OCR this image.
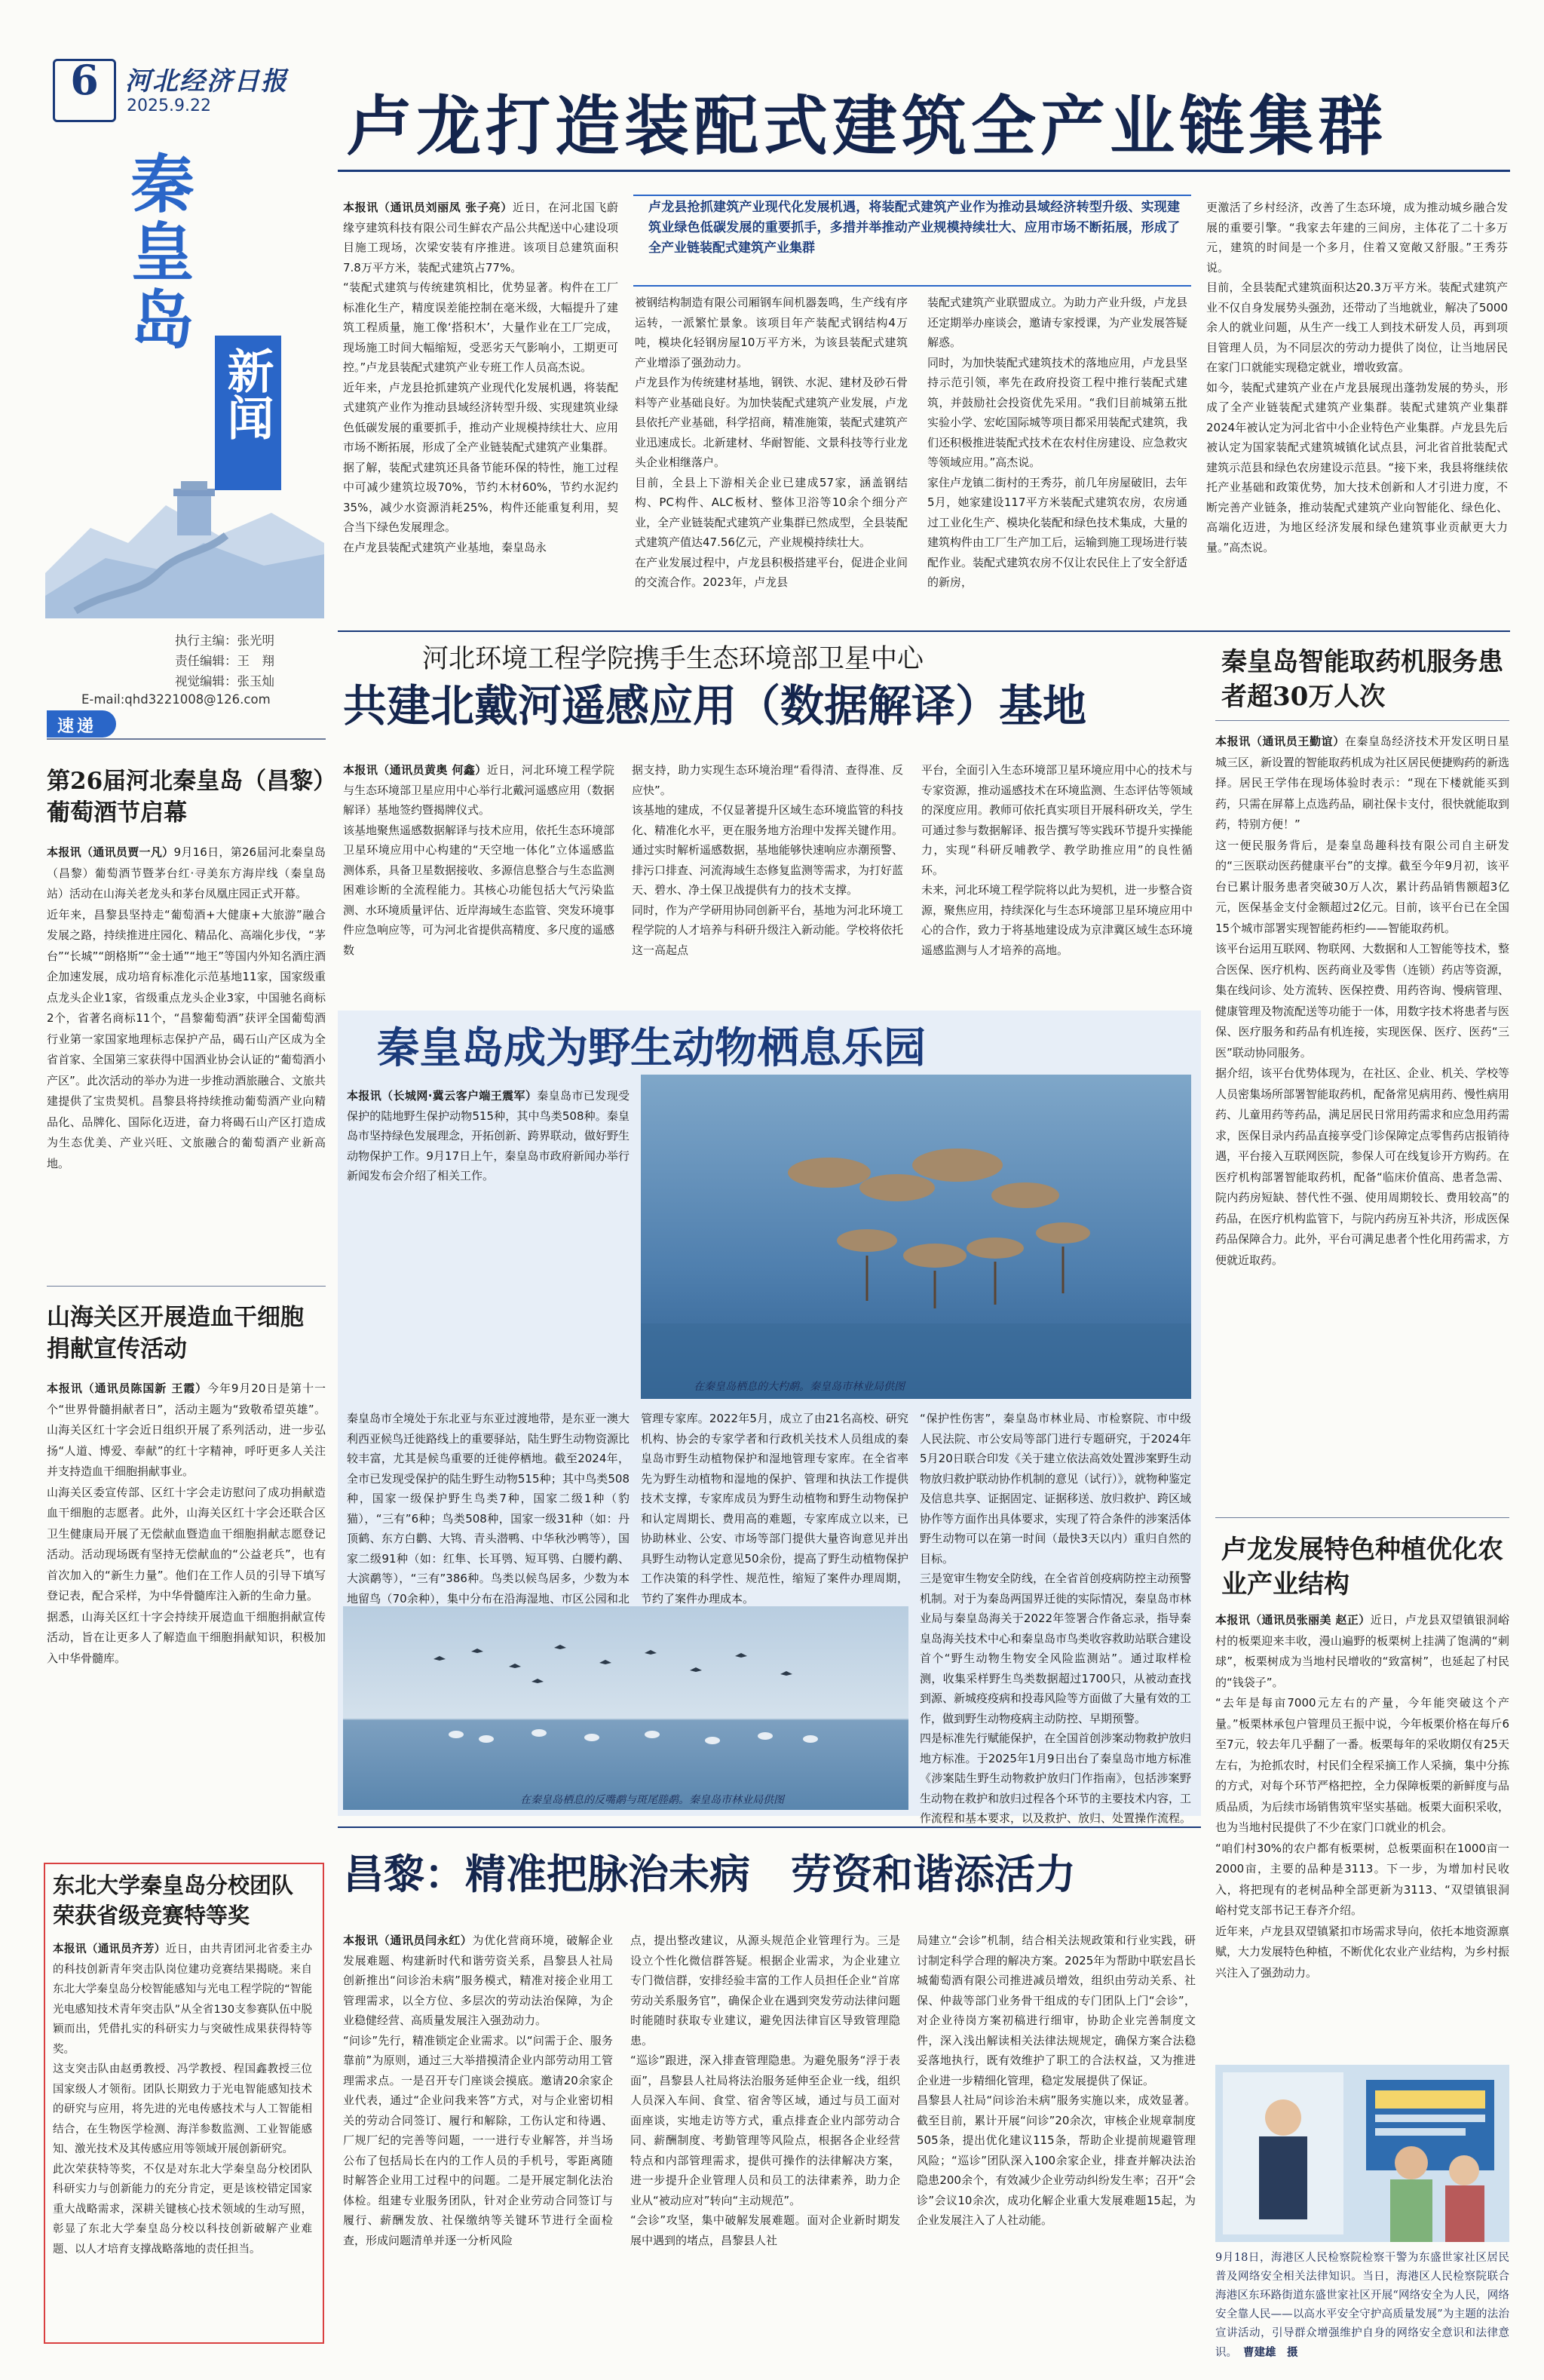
6	河北经济日报
2025.9.22
秦皇岛
新闻
执行主编：张光明
责任编辑：王　翔
视觉编辑：张玉灿
E-mail:qhd3221008@126.com
速递
第26届河北秦皇岛（昌黎）葡萄酒节启幕
本报讯（通讯员贾一凡）9月16日，第26届河北秦皇岛（昌黎）葡萄酒节暨茅台红·寻美东方海岸线（秦皇岛站）活动在山海关老龙头和茅台凤凰庄园正式开幕。
近年来，昌黎县坚持走“葡萄酒+大健康+大旅游”融合发展之路，持续推进庄园化、精品化、高端化步伐，“茅台”“长城”“朗格斯”“金士通”“地王”等国内外知名酒庄酒企加速发展，成功培育标准化示范基地11家，国家级重点龙头企业1家，省级重点龙头企业3家，中国驰名商标2个，省著名商标11个，“昌黎葡萄酒”获评全国葡萄酒行业第一家国家地理标志保护产品，碣石山产区成为全省首家、全国第三家获得中国酒业协会认证的“葡萄酒小产区”。此次活动的举办为进一步推动酒旅融合、文旅共建提供了宝贵契机。昌黎县将持续推动葡萄酒产业向精品化、品牌化、国际化迈进，奋力将碣石山产区打造成为生态优美、产业兴旺、文旅融合的葡萄酒产业新高地。
山海关区开展造血干细胞捐献宣传活动
本报讯（通讯员陈国新 王霞）今年9月20日是第十一个“世界骨髓捐献者日”，活动主题为“致敬希望英雄”。山海关区红十字会近日组织开展了系列活动，进一步弘扬“人道、博爱、奉献”的红十字精神，呼吁更多人关注并支持造血干细胞捐献事业。
山海关区委宣传部、区红十字会走访慰问了成功捐献造血干细胞的志愿者。此外，山海关区红十字会还联合区卫生健康局开展了无偿献血暨造血干细胞捐献志愿登记活动。活动现场既有坚持无偿献血的“公益老兵”，也有首次加入的“新生力量”。他们在工作人员的引导下填写登记表，配合采样，为中华骨髓库注入新的生命力量。
据悉，山海关区红十字会持续开展造血干细胞捐献宣传活动，旨在让更多人了解造血干细胞捐献知识，积极加入中华骨髓库。
东北大学秦皇岛分校团队荣获省级竞赛特等奖
本报讯（通讯员齐芳）近日，由共青团河北省委主办的科技创新青年突击队岗位建功竞赛结果揭晓。来自东北大学秦皇岛分校智能感知与光电工程学院的“智能光电感知技术青年突击队”从全省130支参赛队伍中脱颖而出，凭借扎实的科研实力与突破性成果获得特等奖。
这支突击队由赵勇教授、冯学教授、程国鑫教授三位国家级人才领衔。团队长期致力于光电智能感知技术的研究与应用，将先进的光电传感技术与人工智能相结合，在生物医学检测、海洋参数监测、工业智能感知、激光技术及其传感应用等领域开展创新研究。
此次荣获特等奖，不仅是对东北大学秦皇岛分校团队科研实力与创新能力的充分肯定，更是该校错定国家重大战略需求，深耕关键核心技术领域的生动写照，彰显了东北大学秦皇岛分校以科技创新破解产业难题、以人才培育支撑战略落地的责任担当。
卢龙打造装配式建筑全产业链集群
本报讯（通讯员刘丽凤 张子亮）近日，在河北国飞蔚缘亨建筑科技有限公司生鲜农产品公共配送中心建设项目施工现场，次梁安装有序推进。该项目总建筑面积7.8万平方米，装配式建筑占77%。
“装配式建筑与传统建筑相比，优势显著。构件在工厂标准化生产，精度误差能控制在毫米级，大幅提升了建筑工程质量，施工像‘搭积木’，大量作业在工厂完成，现场施工时间大幅缩短，受恶劣天气影响小，工期更可控。”卢龙县装配式建筑产业专班工作人员高杰说。
近年来，卢龙县抢抓建筑产业现代化发展机遇，将装配式建筑产业作为推动县域经济转型升级、实现建筑业绿色低碳发展的重要抓手，推动产业规模持续壮大、应用市场不断拓展，形成了全产业链装配式建筑产业集群。
据了解，装配式建筑还具备节能环保的特性，施工过程中可减少建筑垃圾70%，节约木材60%，节约水泥约35%，减少水资源消耗25%，构件还能重复利用，契合当下绿色发展理念。
在卢龙县装配式建筑产业基地，秦皇岛永
卢龙县抢抓建筑产业现代化发展机遇，将装配式建筑产业作为推动县域经济转型升级、实现建筑业绿色低碳发展的重要抓手，多措并举推动产业规模持续壮大、应用市场不断拓展，形成了全产业链装配式建筑产业集群
被钢结构制造有限公司厢钢车间机器轰鸣，生产线有序运转，一派繁忙景象。该项目年产装配式钢结构4万吨，模块化轻钢房屋10万平方米，为该县装配式建筑产业增添了强劲动力。
卢龙县作为传统建材基地，钢铁、水泥、建材及砂石骨料等产业基础良好。为加快装配式建筑产业发展，卢龙县依托产业基础，科学招商，精准施策，装配式建筑产业迅速成长。北新建材、华耐智能、文景科技等行业龙头企业相继落户。
目前，全县上下游相关企业已建成57家，涵盖钢结构、PC构件、ALC板材、整体卫浴等10余个细分产业，全产业链装配式建筑产业集群已然成型，全县装配式建筑产值达47.56亿元，产业规模持续壮大。
在产业发展过程中，卢龙县积极搭建平台，促进企业间的交流合作。2023年，卢龙县
装配式建筑产业联盟成立。为助力产业升级，卢龙县还定期举办座谈会，邀请专家授课，为产业发展答疑解惑。
同时，为加快装配式建筑技术的落地应用，卢龙县坚持示范引领，率先在政府投资工程中推行装配式建筑，并鼓励社会投资优先采用。“我们目前城第五批实验小学、宏屹国际城等项目都采用装配式建筑，我们还积极推进装配式技术在农村住房建设、应急救灾等领域应用。”高杰说。
家住卢龙镇二街村的王秀芬，前几年房屋破旧，去年5月，她家建设117平方米装配式建筑农房，农房通过工业化生产、模块化装配和绿色技术集成，大量的建筑构件由工厂生产加工后，运输到施工现场进行装配作业。装配式建筑农房不仅让农民住上了安全舒适的新房，
更激活了乡村经济，改善了生态环境，成为推动城乡融合发展的重要引擎。“我家去年建的三间房，主体花了二十多万元，建筑的时间是一个多月，住着又宽敞又舒服。”王秀芬说。
目前，全县装配式建筑面积达20.3万平方米。装配式建筑产业不仅自身发展势头强劲，还带动了当地就业，解决了5000余人的就业问题，从生产一线工人到技术研发人员，再到项目管理人员，为不同层次的劳动力提供了岗位，让当地居民在家门口就能实现稳定就业，增收致富。
如今，装配式建筑产业在卢龙县展现出蓬勃发展的势头，形成了全产业链装配式建筑产业集群。装配式建筑产业集群2024年被认定为河北省中小企业特色产业集群。卢龙县先后被认定为国家装配式建筑城镇化试点县，河北省首批装配式建筑示范县和绿色农房建设示范县。“接下来，我县将继续依托产业基础和政策优势，加大技术创新和人才引进力度，不断完善产业链条，推动装配式建筑产业向智能化、绿色化、高端化迈进，为地区经济发展和绿色建筑事业贡献更大力量。”高杰说。
河北环境工程学院携手生态环境部卫星中心
共建北戴河遥感应用（数据解译）基地
本报讯（通讯员黄奥 何鑫）近日，河北环境工程学院与生态环境部卫星应用中心举行北戴河遥感应用（数据解译）基地签约暨揭牌仪式。
该基地聚焦遥感数据解译与技术应用，依托生态环境部卫星环境应用中心构建的“天空地一体化”立体遥感监测体系，具备卫星数据接收、多源信息整合与生态监测困难诊断的全流程能力。其核心功能包括大气污染监测、水环境质量评估、近岸海域生态监管、突发环境事件应急响应等，可为河北省提供高精度、多尺度的遥感数
据支持，助力实现生态环境治理“看得清、查得准、反应快”。
该基地的建成，不仅显著提升区域生态环境监管的科技化、精准化水平，更在服务地方治理中发挥关键作用。通过实时解析遥感数据，基地能够快速响应赤潮预警、排污口排查、河流海域生态修复监测等需求，为打好蓝天、碧水、净土保卫战提供有力的技术支撑。
同时，作为产学研用协同创新平台，基地为河北环境工程学院的人才培养与科研升级注入新动能。学校将依托这一高起点
平台，全面引入生态环境部卫星环境应用中心的技术与专家资源，推动遥感技术在环境监测、生态评估等领域的深度应用。教师可依托真实项目开展科研攻关，学生可通过参与数据解译、报告撰写等实践环节提升实操能力，实现“科研反哺教学、教学助推应用”的良性循环。
未来，河北环境工程学院将以此为契机，进一步整合资源，聚焦应用，持续深化与生态环境部卫星环境应用中心的合作，致力于将基地建设成为京津冀区域生态环境遥感监测与人才培养的高地。
秦皇岛成为野生动物栖息乐园
本报讯（长城网·冀云客户端王震军）秦皇岛市已发现受保护的陆地野生保护动物515种，其中鸟类508种。秦皇岛市坚持绿色发展理念，开拓创新、跨界联动，做好野生动物保护工作。9月17日上午，秦皇岛市政府新闻办举行新闻发布会介绍了相关工作。
在秦皇岛栖息的大杓鹬。秦皇岛市林业局供图
秦皇岛市全境处于东北亚与东亚过渡地带，是东亚一澳大利西亚候鸟迁徙路线上的重要驿站，陆生野生动物资源比较丰富，尤其是候鸟重要的迁徙停栖地。截至2024年，全市已发现受保护的陆生野生动物515种；其中鸟类508种，国家一级保护野生鸟类7种，国家二级1种（豹猫），“三有”6种；鸟类508种，国家一级31种（如：丹顶鹤、东方白鹳、大鸨、青头潜鸭、中华秋沙鸭等），国家二级91种（如：红隼、长耳鸮、短耳鸮、白腰杓鹬、大滨鹬等），“三有”386种。鸟类以候鸟居多，少数为本地留鸟（70余种），集中分布在沿海湿地、市区公园和北

管理专家库。2022年5月，成立了由21名高校、研究机构、协会的专家学者和行政机关技术人员组成的秦皇岛市野生动植物保护和湿地管理专家库。在全省率先为野生动植物和湿地的保护、管理和执法工作提供技术支撑，专家库成员为野生动植物和野生动物保护和认定周期长、费用高的难题，专家库成立以来，已协助林业、公安、市场等部门提供大量咨询意见并出具野生动物认定意见50余份，提高了野生动植物保护工作决策的科学性、规范性，缩短了案件办理周期，节约了案件办理成本。

“保护性伤害”，秦皇岛市林业局、市检察院、市中级人民法院、市公安局等部门进行专题研究，于2024年5月20日联合印发《关于建立依法高效处置涉案野生动物放归救护联动协作机制的意见（试行）》，就物种鉴定及信息共享、证据固定、证据移送、放归救护、跨区域协作等方面作出具体要求，实现了符合条件的涉案活体野生动物可以在第一时间（最快3天以内）重归自然的目标。
三是宽审生物安全防线，在全省首创疫病防控主动预警机制。对于为秦岛两国界迁徙的实际情况，秦皇岛市林业局与秦皇岛海关于2022年签署合作备忘录，指导秦皇岛海关技术中心和秦皇岛市鸟类收容救助站联合建设首个“野生动物生物安全风险监测站”。通过取样检测，收集采样野生鸟类数据超过1700只，从被动查找到源、新城疫疫病和投毒风险等方面做了大量有效的工作，做到野生动物疫病主动防控、早期预警。
四是标准先行赋能保护，在全国首创涉案动物救护放归地方标准。于2025年1月9日出台了秦皇岛市地方标准《涉案陆生野生动物救护放归门作指南》，包括涉案野生动物在救护和放归过程各个环节的主要技术内容，工作流程和基本要求，以及救护、放归、处置操作流程。
在秦皇岛栖息的反嘴鹬与斑尾塍鹬。秦皇岛市林业局供图
秦皇岛智能取药机服务患者超30万人次
本报讯（通讯员王勤谊）在秦皇岛经济技术开发区明日星城三区，新设置的智能取药机成为社区居民便捷购药的新选择。居民王学伟在现场体验时表示：“现在下楼就能买到药，只需在屏幕上点选药品，刷社保卡支付，很快就能取到药，特别方便！”
这一便民服务背后，是秦皇岛趣科技有限公司自主研发的“三医联动医药健康平台”的支撑。截至今年9月初，该平台已累计服务患者突破30万人次，累计药品销售额超3亿元，医保基金支付金额超过2亿元。目前，该平台已在全国15个城市部署实现智能药柜约——智能取药机。
该平台运用互联网、物联网、大数据和人工智能等技术，整合医保、医疗机构、医药商业及零售（连锁）药店等资源，集在线问诊、处方流转、医保控费、用药咨询、慢病管理、健康管理及物流配送等功能于一体，用数字技术将患者与医保、医疗服务和药品有机连接，实现医保、医疗、医药“三医”联动协同服务。
据介绍，该平台优势体现为，在社区、企业、机关、学校等人员密集场所部署智能取药机，配备常见病用药、慢性病用药、儿童用药等药品，满足居民日常用药需求和应急用药需求，医保目录内药品直接享受门诊保障定点零售药店报销待遇，平台接入互联网医院，参保人可在线复诊开方购药。在医疗机构部署智能取药机，配备“临床价值高、患者急需、院内药房短缺、替代性不强、使用周期较长、费用较高”的药品，在医疗机构监管下，与院内药房互补共济，形成医保药品保障合力。此外，平台可满足患者个性化用药需求，方便就近取药。
卢龙发展特色种植优化农业产业结构
本报讯（通讯员张丽美 赵正）近日，卢龙县双望镇银洞峪村的板栗迎来丰收，漫山遍野的板栗树上挂满了饱满的“刺球”，板栗树成为当地村民增收的“致富树”，也延起了村民的“钱袋子”。
“去年是每亩7000元左右的产量，今年能突破这个产量。”板栗林承包户管理员王振中说，今年板栗价格在每斤6至7元，较去年几乎翻了一番。板栗每年的采收期仅有25天左右，为抢抓农时，村民们全程采摘工作人采摘，集中分拣的方式，对每个环节严格把控，全力保障板栗的新鲜度与品质品质，为后续市场销售筑牢坚实基础。板栗大面积采收，也为当地村民提供了不少在家门口就业的机会。
“咱们村30%的农户都有板栗树，总板栗面积在1000亩一2000亩，主要的品种是3113。下一步，为增加村民收入，将把现有的老树品种全部更新为3113、“双望镇银洞峪村党支部书记王春齐介绍。
近年来，卢龙县双望镇紧扣市场需求导向，依托本地资源禀赋，大力发展特色种植，不断优化农业产业结构，为乡村振兴注入了强劲动力。
昌黎：精准把脉治未病　劳资和谐添活力
本报讯（通讯员闫永红）为优化营商环境，破解企业发展难题、构建新时代和谐劳资关系，昌黎县人社局创新推出“问诊治未病”服务模式，精准对接企业用工管理需求，以全方位、多层次的劳动法治保障，为企业稳健经营、高质量发展注入强劲动力。
“问诊”先行，精准锁定企业需求。以“问需于企、服务靠前”为原则，通过三大举措摸清企业内部劳动用工管理需求点。一是召开专门座谈会摸底。邀请20余家企业代表，通过“企业问我来答”方式，对与企业密切相关的劳动合同签订、履行和解除，工伤认定和待遇、厂规厂纪的完善等问题，一一进行专业解答，并当场公布了包括局长在内的工作人员的手机号，零距离随时解答企业用工过程中的问题。二是开展定制化法治体检。组建专业服务团队，针对企业劳动合同签订与履行、薪酬发放、社保缴纳等关键环节进行全面检查，形成问题清单并逐一分析风险
点，提出整改建议，从源头规范企业管理行为。三是设立个性化微信群答疑。根据企业需求，为企业建立专门微信群，安排经验丰富的工作人员担任企业“首席劳动关系服务官”，确保企业在遇到突发劳动法律问题时能随时获取专业建议，避免因法律盲区导致管理隐患。
“巡诊”跟进，深入排查管理隐患。为避免服务“浮于表面”，昌黎县人社局将法治服务延伸至企业一线，组织人员深入车间、食堂、宿舍等区域，通过与员工面对面座谈，实地走访等方式，重点排查企业内部劳动合同、薪酬制度、考勤管理等风险点，根据各企业经营特点和内部管理需求，提供可操作的法律解决方案，进一步提升企业管理人员和员工的法律素养，助力企业从“被动应对”转向“主动规范”。
“会诊”攻坚，集中破解发展难题。面对企业新时期发展中遇到的堵点，昌黎县人社
局建立“会诊”机制，结合相关法规政策和行业实践，研讨制定科学合理的解决方案。2025年为帮助中联宏昌长城葡萄酒有限公司推进减员增效，组织由劳动关系、社保、仲裁等部门业务骨干组成的专门团队上门“会诊”，对企业待岗方案初稿进行细审，协助企业完善制度文件，深入浅出解读相关法律法规规定，确保方案合法稳妥落地执行，既有效维护了职工的合法权益，又为推进企业进一步精细化管理，稳定发展提供了保证。
昌黎县人社局“问诊治未病”服务实施以来，成效显著。截至目前，累计开展“问诊”20余次，审核企业规章制度505条，提出优化建议115条，帮助企业提前规避管理风险；“巡诊”团队深入100余家企业，排查并解决法治隐患200余个，有效减少企业劳动纠纷发生率；召开“会诊”会议10余次，成功化解企业重大发展难题15起，为企业发展注入了人社动能。
9月18日，海港区人民检察院检察干警为东盛世家社区居民普及网络安全相关法律知识。当日，海港区人民检察院联合海港区东环路街道东盛世家社区开展“网络安全为人民，网络安全靠人民——以高水平安全守护高质量发展”为主题的法治宣讲活动，引导群众增强维护自身的网络安全意识和法律意识。 曹建雄　摄
